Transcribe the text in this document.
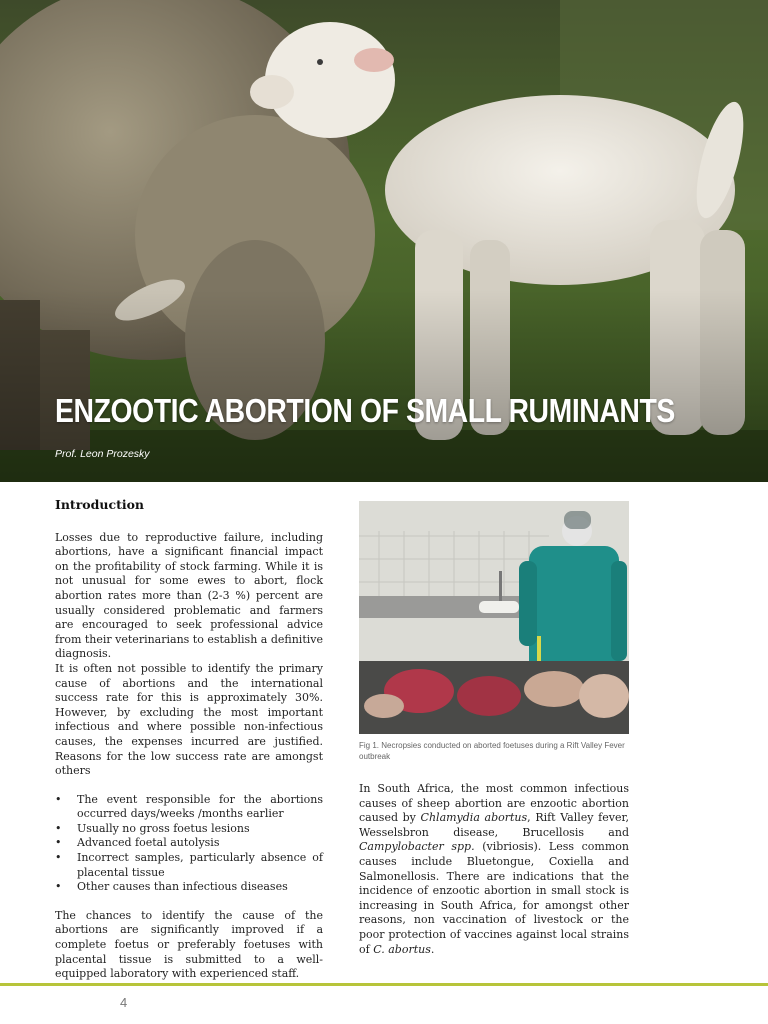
ENZOOTIC ABORTION OF SMALL RUMINANTS
Prof. Leon Prozesky
Introduction

Losses due to reproductive failure, including abortions, have a significant financial impact on the profitability of stock farming. While it is not unusual for some ewes to abort, flock abortion rates more than (2-3 %) percent are usually considered problematic and farmers are encouraged to seek professional advice from their veterinarians to establish a definitive diagnosis.

It is often not possible to identify the primary cause of abortions and the international success rate for this is approximately 30%. However, by excluding the most important infectious and where possible non-infectious causes, the expenses incurred are justified. Reasons for the low success rate are amongst others

• The event responsible for the abortions occurred days/weeks /months earlier
• Usually no gross foetus lesions
• Advanced foetal autolysis
• Incorrect samples, particularly absence of placental tissue
• Other causes than infectious diseases

The chances to identify the cause of the abortions are significantly improved if a complete foetus or preferably foetuses with placental tissue is submitted to a well- equipped laboratory with experienced staff.

Fig 1. Necropsies conducted on aborted foetuses during a Rift Valley Fever outbreak

In South Africa, the most common infectious causes of sheep abortion are enzootic abortion caused by Chlamydia abortus, Rift Valley fever, Wesselsbron disease, Brucellosis and Campylobacter spp. (vibriosis). Less common causes include Bluetongue, Coxiella and Salmonellosis. There are indications that the incidence of enzootic abortion in small stock is increasing in South Africa, for amongst other reasons, non vaccination of livestock or the poor protection of vaccines against local strains of C. abortus.

4
